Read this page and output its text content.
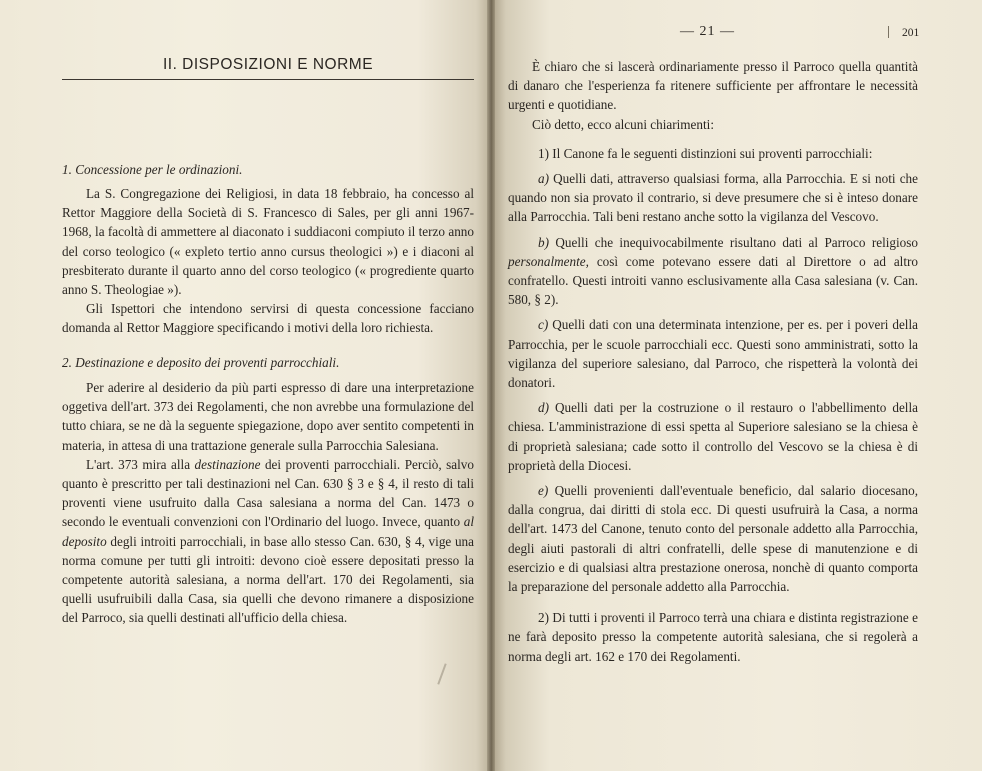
II. DISPOSIZIONI E NORME
1. Concessione per le ordinazioni.

La S. Congregazione dei Religiosi, in data 18 febbraio, ha concesso al Rettor Maggiore della Società di S. Francesco di Sales, per gli anni 1967-1968, la facoltà di ammettere al diaconato i suddiaconi compiuto il terzo anno del corso teologico (« expleto tertio anno cursus theologici ») e i diaconi al presbiterato durante il quarto anno del corso teologico (« progrediente quarto anno S. Theologiae »).

Gli Ispettori che intendono servirsi di questa concessione facciano domanda al Rettor Maggiore specificando i motivi della loro richiesta.

2. Destinazione e deposito dei proventi parrocchiali.

Per aderire al desiderio da più parti espresso di dare una interpretazione oggetiva dell'art. 373 dei Regolamenti, che non avrebbe una formulazione del tutto chiara, se ne dà la seguente spiegazione, dopo aver sentito competenti in materia, in attesa di una trattazione generale sulla Parrocchia Salesiana.

L'art. 373 mira alla destinazione dei proventi parrocchiali. Perciò, salvo quanto è prescritto per tali destinazioni nel Can. 630 § 3 e § 4, il resto di tali proventi viene usufruito dalla Casa salesiana a norma del Can. 1473 o secondo le eventuali convenzioni con l'Ordinario del luogo. Invece, quanto al deposito degli introiti parrocchiali, in base allo stesso Can. 630, § 4, vige una norma comune per tutti gli introiti: devono cioè essere depositati presso la competente autorità salesiana, a norma dell'art. 170 dei Regolamenti, sia quelli usufruibili dalla Casa, sia quelli che devono rimanere a disposizione del Parroco, sia quelli destinati all'ufficio della chiesa.

— 21 —	201

È chiaro che si lascerà ordinariamente presso il Parroco quella quantità di danaro che l'esperienza fa ritenere sufficiente per affrontare le necessità urgenti e quotidiane.

Ciò detto, ecco alcuni chiarimenti:

1) Il Canone fa le seguenti distinzioni sui proventi parrocchiali:

a) Quelli dati, attraverso qualsiasi forma, alla Parrocchia. E si noti che quando non sia provato il contrario, si deve presumere che si è inteso donare alla Parrocchia. Tali beni restano anche sotto la vigilanza del Vescovo.

b) Quelli che inequivocabilmente risultano dati al Parroco religioso personalmente, così come potevano essere dati al Direttore o ad altro confratello. Questi introiti vanno esclusivamente alla Casa salesiana (v. Can. 580, § 2).

c) Quelli dati con una determinata intenzione, per es. per i poveri della Parrocchia, per le scuole parrocchiali ecc. Questi sono amministrati, sotto la vigilanza del superiore salesiano, dal Parroco, che rispetterà la volontà dei donatori.

d) Quelli dati per la costruzione o il restauro o l'abbellimento della chiesa. L'amministrazione di essi spetta al Superiore salesiano se la chiesa è di proprietà salesiana; cade sotto il controllo del Vescovo se la chiesa è di proprietà della Diocesi.

e) Quelli provenienti dall'eventuale beneficio, dal salario diocesano, dalla congrua, dai diritti di stola ecc. Di questi usufruirà la Casa, a norma dell'art. 1473 del Canone, tenuto conto del personale addetto alla Parrocchia, degli aiuti pastorali di altri confratelli, delle spese di manutenzione e di esercizio e di qualsiasi altra prestazione onerosa, nonchè di quanto comporta la preparazione del personale addetto alla Parrocchia.

2) Di tutti i proventi il Parroco terrà una chiara e distinta registrazione e ne farà deposito presso la competente autorità salesiana, che si regolerà a norma degli art. 162 e 170 dei Regolamenti.
